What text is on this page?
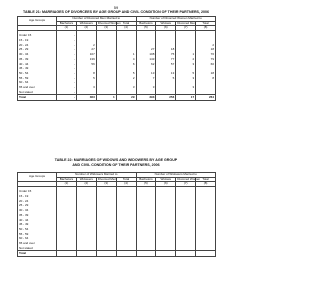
59
TABLE 21: MARRIAGES OF DIVORCEES BY AGE GROUP AND CIVIL CONDITION OF THEIR PARTNERS, 2006
Age Groups	Number of Divorced Men Married to				Number of Divorced Women Married to			
	Bachelors	Widowers	Divorced Women	Total	Bachelors	Widows	Divorced Men	Total
	(1)	(2)	(3)	(4)	(5)	(6)	(7)	(8)

Under 15	-							
15 - 19	-							
20 - 24	-	2						2
25 - 29	-	27			27	18		18
30 - 34	-	107		1	108	75	1	76
35 - 39	-	139		4	143	77	2	79
40 - 44	-	56		6	62	57	3	60
45 - 49	-							
50 - 54	-	8		5	13	13	5	18
55 - 59	-	5		2	7	5	3	8
60 - 64	-							
65 and over	-	3		3	3		3	
Not stated	-							
Total	-	363	1	29	393	256	17	264
TABLE 22: MARRIAGES OF WIDOWS AND WIDOWERS BY AGE GROUP
AND CIVIL CONDITION OF THEIR PARTNERS, 2006
Age Groups	Number of Widowers Married to				Number of Widowers Married to			
	Bachelors	Widowers	Divorced Men	Total	Bachelors	Widows	Divorced Women	Total
	(1)	(2)	(3)	(4)	(5)	(6)	(7)	(8)

Under 15								
15 - 19								
20 - 24								
25 - 29								
30 - 34								
35 - 39								
40 - 44								
45 - 49								
50 - 54								
55 - 59								
60 - 64								
65 and over								
Not stated								
Total								
